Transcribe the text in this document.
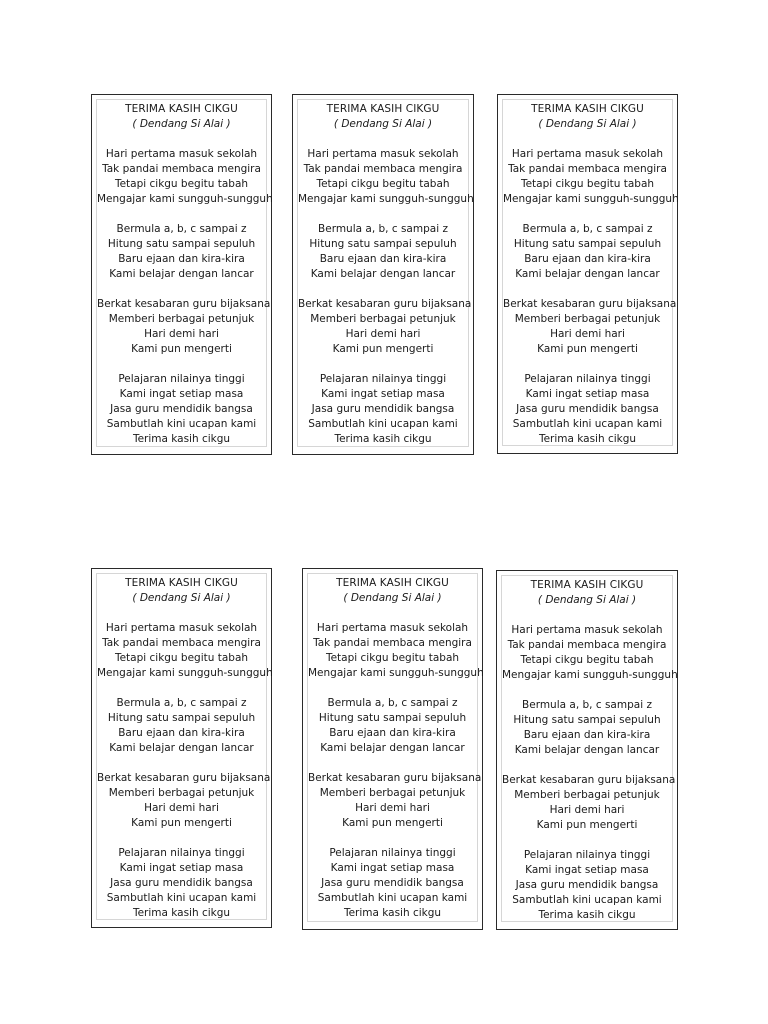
TERIMA KASIH CIKGU
( Dendang Si Alai )
Hari pertama masuk sekolah
Tak pandai membaca mengira
Tetapi cikgu begitu tabah
Mengajar kami sungguh-sungguh
Bermula a, b, c sampai z
Hitung satu sampai sepuluh
Baru ejaan dan kira-kira
Kami belajar dengan lancar
Berkat kesabaran guru bijaksana
Memberi berbagai petunjuk
Hari demi hari
Kami pun mengerti
Pelajaran nilainya tinggi
Kami ingat setiap masa
Jasa guru mendidik bangsa
Sambutlah kini ucapan kami
Terima kasih cikgu
TERIMA KASIH CIKGU
( Dendang Si Alai )
Hari pertama masuk sekolah
Tak pandai membaca mengira
Tetapi cikgu begitu tabah
Mengajar kami sungguh-sungguh
Bermula a, b, c sampai z
Hitung satu sampai sepuluh
Baru ejaan dan kira-kira
Kami belajar dengan lancar
Berkat kesabaran guru bijaksana
Memberi berbagai petunjuk
Hari demi hari
Kami pun mengerti
Pelajaran nilainya tinggi
Kami ingat setiap masa
Jasa guru mendidik bangsa
Sambutlah kini ucapan kami
Terima kasih cikgu
TERIMA KASIH CIKGU
( Dendang Si Alai )
Hari pertama masuk sekolah
Tak pandai membaca mengira
Tetapi cikgu begitu tabah
Mengajar kami sungguh-sungguh
Bermula a, b, c sampai z
Hitung satu sampai sepuluh
Baru ejaan dan kira-kira
Kami belajar dengan lancar
Berkat kesabaran guru bijaksana
Memberi berbagai petunjuk
Hari demi hari
Kami pun mengerti
Pelajaran nilainya tinggi
Kami ingat setiap masa
Jasa guru mendidik bangsa
Sambutlah kini ucapan kami
Terima kasih cikgu
TERIMA KASIH CIKGU
( Dendang Si Alai )
Hari pertama masuk sekolah
Tak pandai membaca mengira
Tetapi cikgu begitu tabah
Mengajar kami sungguh-sungguh
Bermula a, b, c sampai z
Hitung satu sampai sepuluh
Baru ejaan dan kira-kira
Kami belajar dengan lancar
Berkat kesabaran guru bijaksana
Memberi berbagai petunjuk
Hari demi hari
Kami pun mengerti
Pelajaran nilainya tinggi
Kami ingat setiap masa
Jasa guru mendidik bangsa
Sambutlah kini ucapan kami
Terima kasih cikgu
TERIMA KASIH CIKGU
( Dendang Si Alai )
Hari pertama masuk sekolah
Tak pandai membaca mengira
Tetapi cikgu begitu tabah
Mengajar kami sungguh-sungguh
Bermula a, b, c sampai z
Hitung satu sampai sepuluh
Baru ejaan dan kira-kira
Kami belajar dengan lancar
Berkat kesabaran guru bijaksana
Memberi berbagai petunjuk
Hari demi hari
Kami pun mengerti
Pelajaran nilainya tinggi
Kami ingat setiap masa
Jasa guru mendidik bangsa
Sambutlah kini ucapan kami
Terima kasih cikgu
TERIMA KASIH CIKGU
( Dendang Si Alai )
Hari pertama masuk sekolah
Tak pandai membaca mengira
Tetapi cikgu begitu tabah
Mengajar kami sungguh-sungguh
Bermula a, b, c sampai z
Hitung satu sampai sepuluh
Baru ejaan dan kira-kira
Kami belajar dengan lancar
Berkat kesabaran guru bijaksana
Memberi berbagai petunjuk
Hari demi hari
Kami pun mengerti
Pelajaran nilainya tinggi
Kami ingat setiap masa
Jasa guru mendidik bangsa
Sambutlah kini ucapan kami
Terima kasih cikgu
